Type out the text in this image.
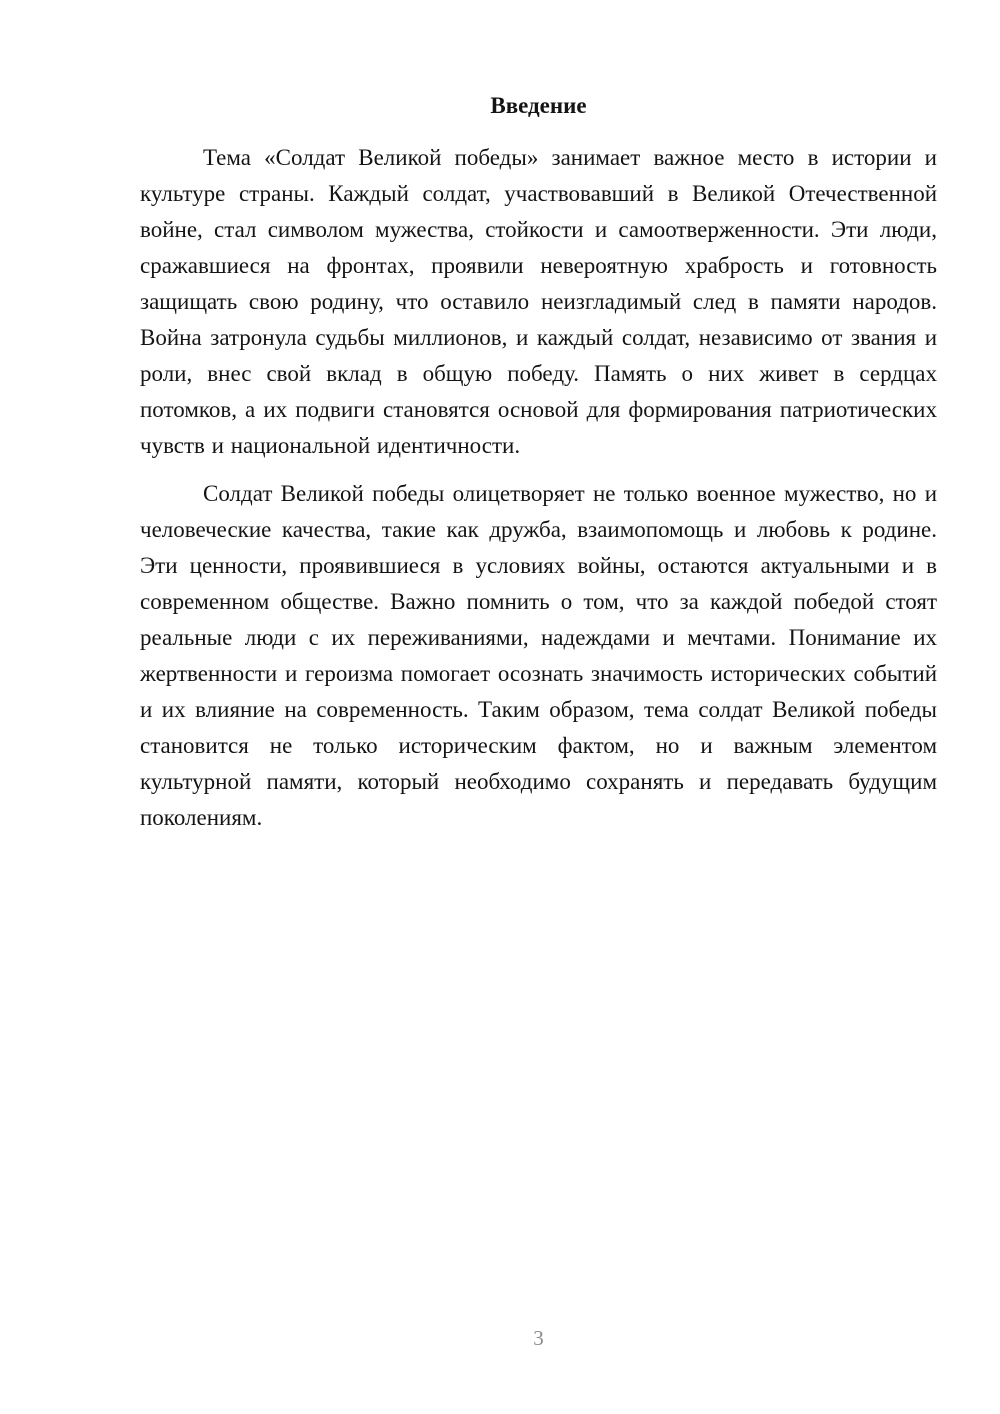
Введение

Тема «Солдат Великой победы» занимает важное место в истории и культуре страны. Каждый солдат, участвовавший в Великой Отечественной войне, стал символом мужества, стойкости и самоотверженности. Эти люди, сражавшиеся на фронтах, проявили невероятную храбрость и готовность защищать свою родину, что оставило неизгладимый след в памяти народов. Война затронула судьбы миллионов, и каждый солдат, независимо от звания и роли, внес свой вклад в общую победу. Память о них живет в сердцах потомков, а их подвиги становятся основой для формирования патриотических чувств и национальной идентичности.

Солдат Великой победы олицетворяет не только военное мужество, но и человеческие качества, такие как дружба, взаимопомощь и любовь к родине. Эти ценности, проявившиеся в условиях войны, остаются актуальными и в современном обществе. Важно помнить о том, что за каждой победой стоят реальные люди с их переживаниями, надеждами и мечтами. Понимание их жертвенности и героизма помогает осознать значимость исторических событий и их влияние на современность. Таким образом, тема солдат Великой победы становится не только историческим фактом, но и важным элементом культурной памяти, который необходимо сохранять и передавать будущим поколениям.

3
